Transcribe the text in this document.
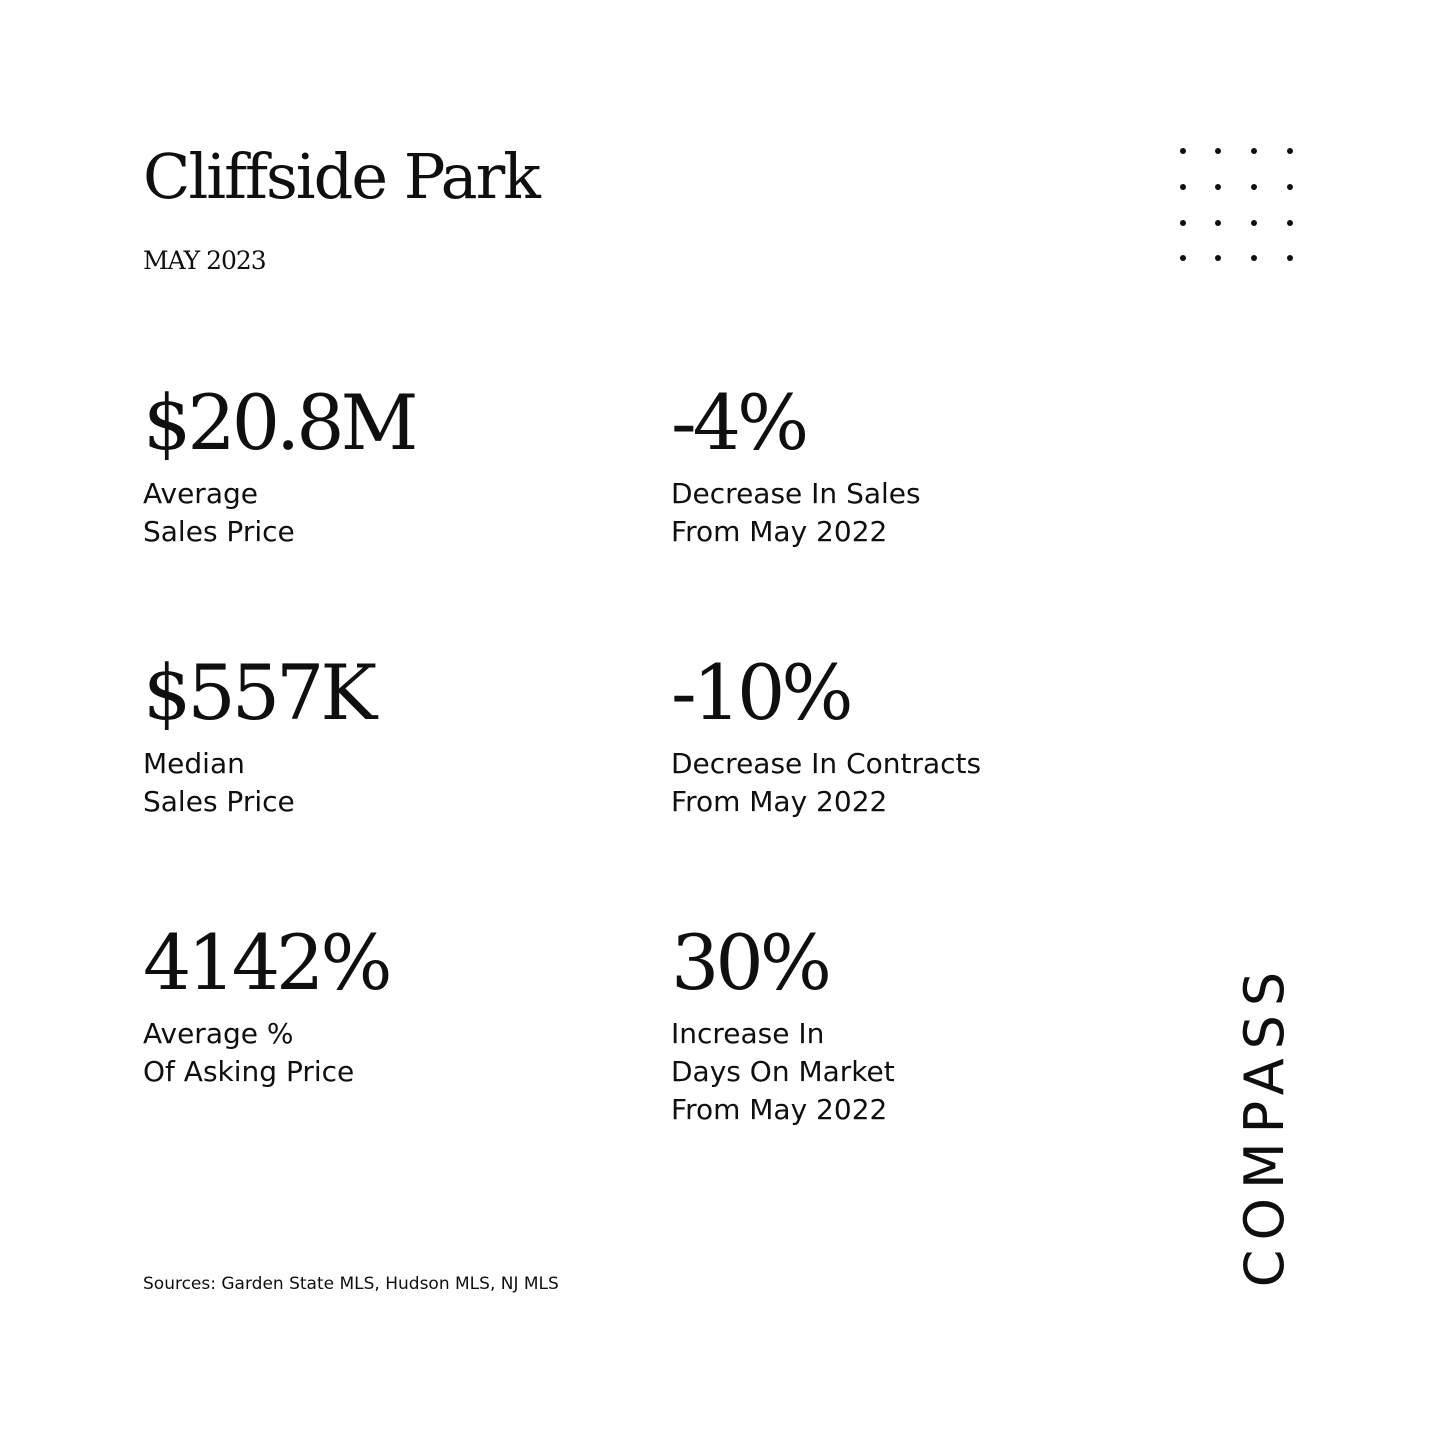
Cliffside Park
MAY 2023
$20.8M
Average
Sales Price
-4%
Decrease In Sales
From May 2022
$557K
Median
Sales Price
-10%
Decrease In Contracts
From May 2022
4142%
Average %
Of Asking Price
30%
Increase In
Days On Market
From May 2022
Sources: Garden State MLS, Hudson MLS, NJ MLS	COMPASS
